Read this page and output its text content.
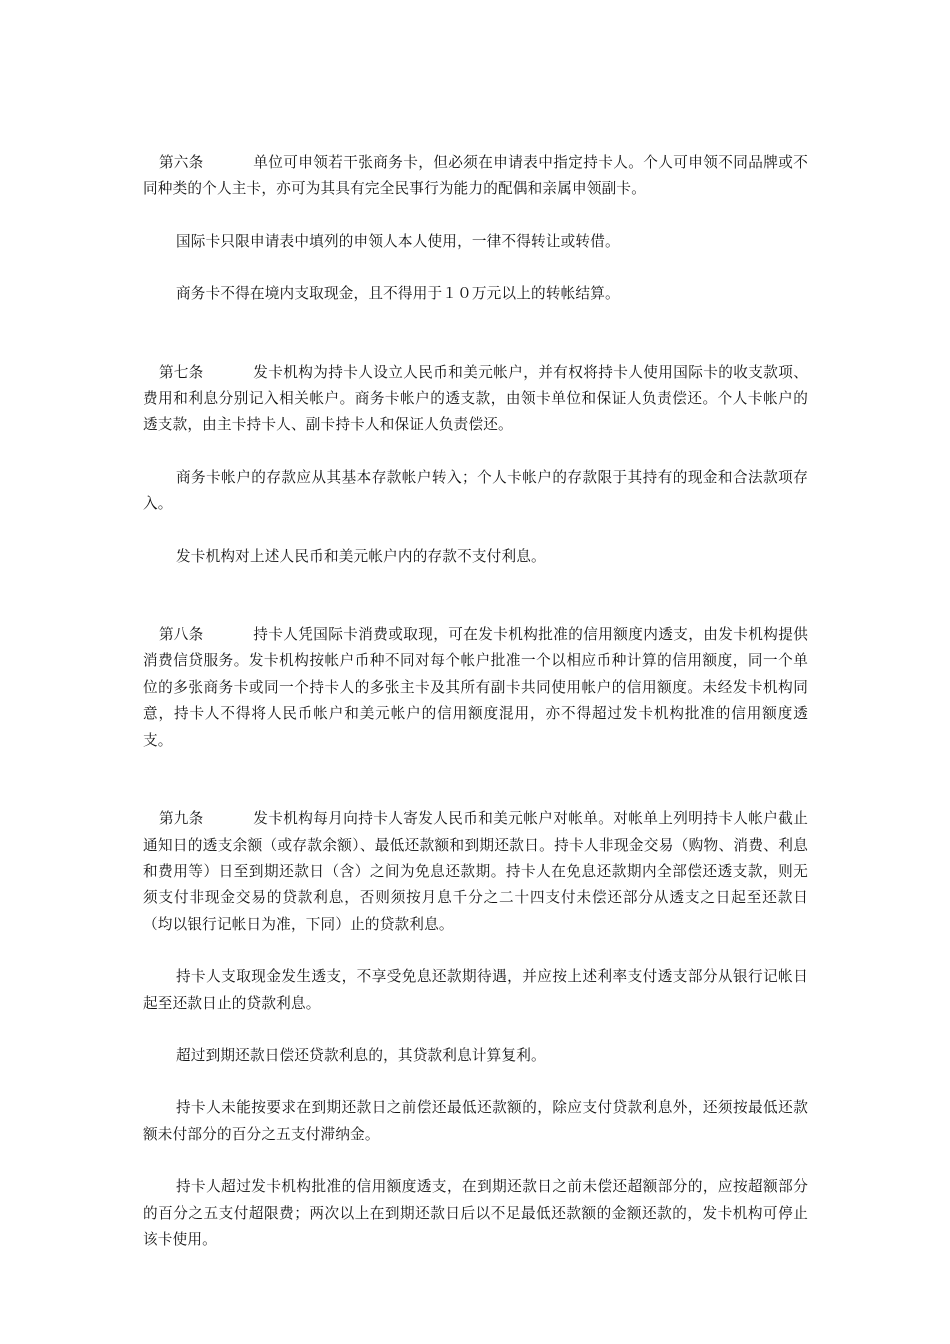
第六条	单位可申领若干张商务卡，但必须在申请表中指定持卡人。个人可申领不同品牌或不同种类的个人主卡，亦可为其具有完全民事行为能力的配偶和亲属申领副卡。

国际卡只限申请表中填列的申领人本人使用，一律不得转让或转借。

商务卡不得在境内支取现金，且不得用于１０万元以上的转帐结算。

第七条	发卡机构为持卡人设立人民币和美元帐户，并有权将持卡人使用国际卡的收支款项、费用和利息分别记入相关帐户。商务卡帐户的透支款，由领卡单位和保证人负责偿还。个人卡帐户的透支款，由主卡持卡人、副卡持卡人和保证人负责偿还。

商务卡帐户的存款应从其基本存款帐户转入；个人卡帐户的存款限于其持有的现金和合法款项存入。

发卡机构对上述人民币和美元帐户内的存款不支付利息。

第八条	持卡人凭国际卡消费或取现，可在发卡机构批准的信用额度内透支，由发卡机构提供消费信贷服务。发卡机构按帐户币种不同对每个帐户批准一个以相应币种计算的信用额度，同一个单位的多张商务卡或同一个持卡人的多张主卡及其所有副卡共同使用帐户的信用额度。未经发卡机构同意，持卡人不得将人民币帐户和美元帐户的信用额度混用，亦不得超过发卡机构批准的信用额度透支。

第九条	发卡机构每月向持卡人寄发人民币和美元帐户对帐单。对帐单上列明持卡人帐户截止通知日的透支余额（或存款余额）、最低还款额和到期还款日。持卡人非现金交易（购物、消费、利息和费用等）日至到期还款日（含）之间为免息还款期。持卡人在免息还款期内全部偿还透支款，则无须支付非现金交易的贷款利息，否则须按月息千分之二十四支付未偿还部分从透支之日起至还款日（均以银行记帐日为准，下同）止的贷款利息。

持卡人支取现金发生透支，不享受免息还款期待遇，并应按上述利率支付透支部分从银行记帐日起至还款日止的贷款利息。

超过到期还款日偿还贷款利息的，其贷款利息计算复利。

持卡人未能按要求在到期还款日之前偿还最低还款额的，除应支付贷款利息外，还须按最低还款额未付部分的百分之五支付滞纳金。

持卡人超过发卡机构批准的信用额度透支，在到期还款日之前未偿还超额部分的，应按超额部分的百分之五支付超限费；两次以上在到期还款日后以不足最低还款额的金额还款的，发卡机构可停止该卡使用。
